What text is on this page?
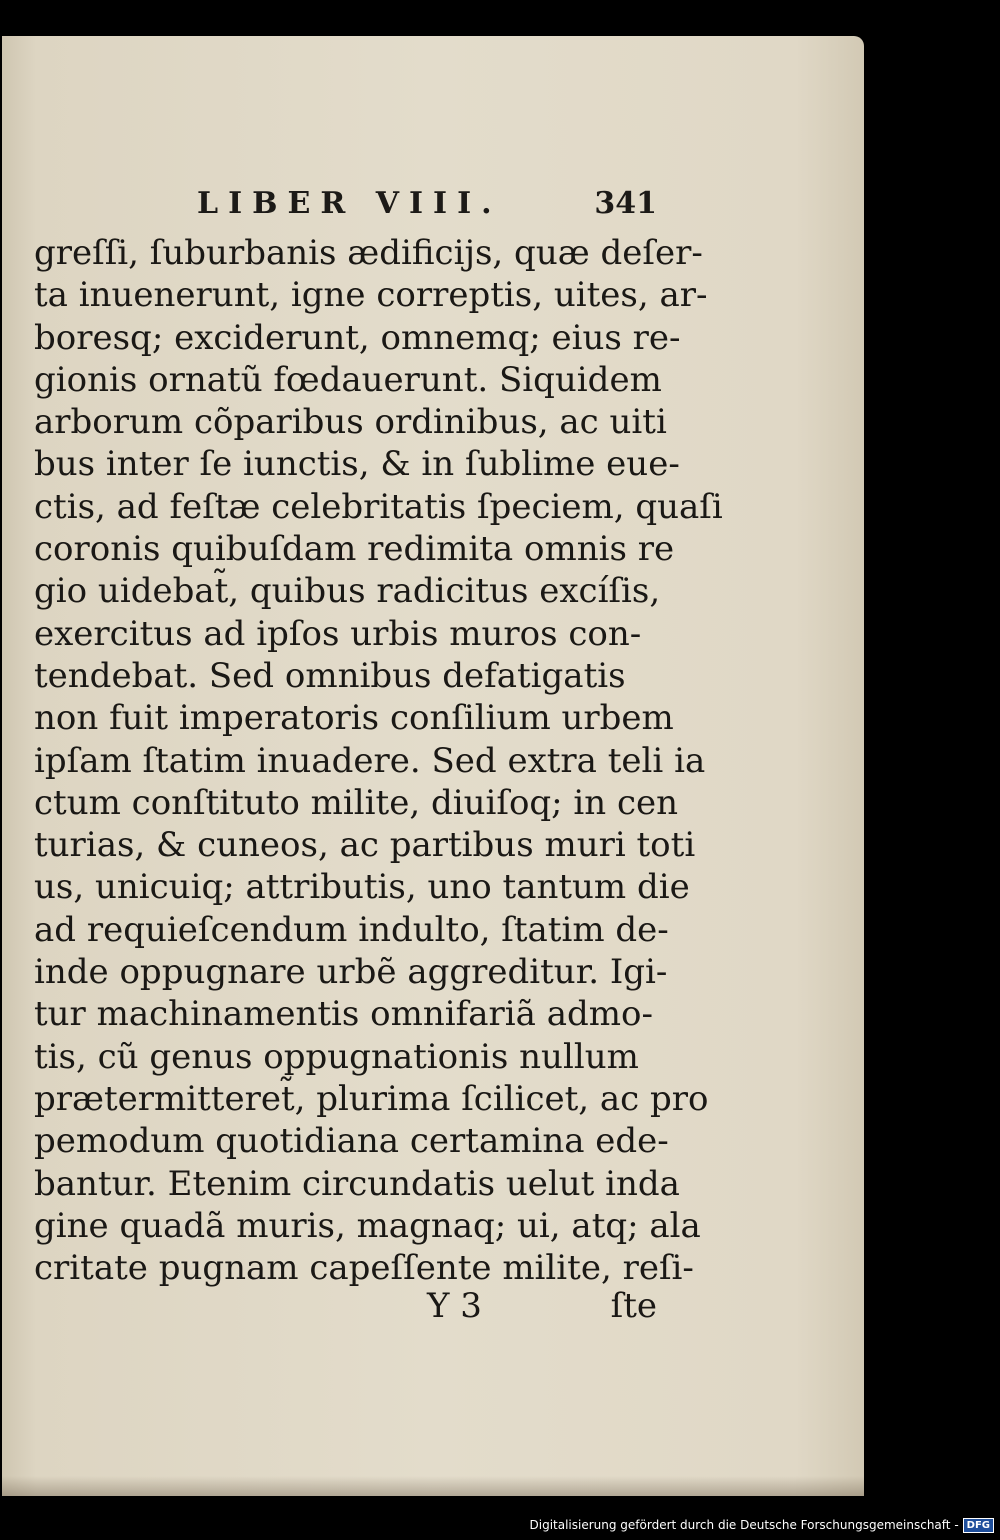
LIBER VIII.	341
greſſi, ſuburbanis ædificijs, quæ deſer-
ta inuenerunt, igne correptis, uites, ar-
boresq; exciderunt, omnemq; eius re-
gionis ornatũ fœdauerunt. Siquidem
arborum cõparibus ordinibus, ac uiti
bus inter ſe iunctis, & in ſublime eue-
ctis, ad feſtæ celebritatis ſpeciem, quaſi
coronis quibuſdam redimita omnis re
gio uidebat̃, quibus radicitus excíſis,
exercitus ad ipſos urbis muros con-
tendebat. Sed omnibus defatigatis
non fuit imperatoris conſilium urbem
ipſam ſtatim inuadere. Sed extra teli ia
ctum conſtituto milite, diuiſoq; in cen
turias, & cuneos, ac partibus muri toti
us, unicuiq; attributis, uno tantum die
ad requieſcendum indulto, ſtatim de-
inde oppugnare urbẽ aggreditur. Igi-
tur machinamentis omnifariã admo-
tis, cũ genus oppugnationis nullum
prætermitteret̃, plurima ſcilicet, ac pro
pemodum quotidiana certamina ede-
bantur. Etenim circundatis uelut inda
gine quadã muris, magnaq; ui, atq; ala
critate pugnam capeſſente milite, reſi-
Y 3	ſte
Digitalisierung gefördert durch die Deutsche Forschungsgemeinschaft - DFG
